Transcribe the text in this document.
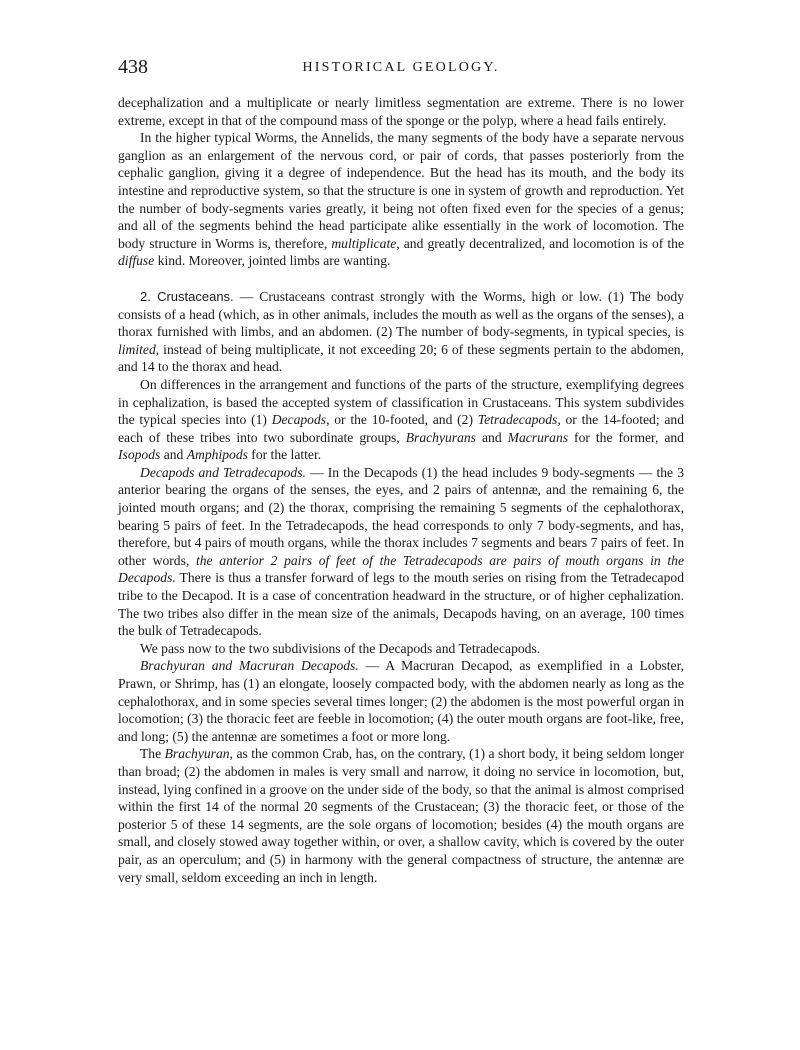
438	HISTORICAL GEOLOGY.

decephalization and a multiplicate or nearly limitless segmentation are extreme. There is no lower extreme, except in that of the compound mass of the sponge or the polyp, where a head fails entirely.

In the higher typical Worms, the Annelids, the many segments of the body have a separate nervous ganglion as an enlargement of the nervous cord, or pair of cords, that passes posteriorly from the cephalic ganglion, giving it a degree of independence. But the head has its mouth, and the body its intestine and reproductive system, so that the structure is one in system of growth and reproduction. Yet the number of body-segments varies greatly, it being not often fixed even for the species of a genus; and all of the segments behind the head participate alike essentially in the work of locomotion. The body structure in Worms is, therefore, multiplicate, and greatly decentralized, and locomotion is of the diffuse kind. Moreover, jointed limbs are wanting.

2. Crustaceans. — Crustaceans contrast strongly with the Worms, high or low. (1) The body consists of a head (which, as in other animals, includes the mouth as well as the organs of the senses), a thorax furnished with limbs, and an abdomen. (2) The number of body-segments, in typical species, is limited, instead of being multiplicate, it not exceeding 20; 6 of these segments pertain to the abdomen, and 14 to the thorax and head.

On differences in the arrangement and functions of the parts of the structure, exemplifying degrees in cephalization, is based the accepted system of classification in Crustaceans. This system subdivides the typical species into (1) Decapods, or the 10-footed, and (2) Tetradecapods, or the 14-footed; and each of these tribes into two subordinate groups, Brachyurans and Macrurans for the former, and Isopods and Amphipods for the latter.

Decapods and Tetradecapods. — In the Decapods (1) the head includes 9 body-segments — the 3 anterior bearing the organs of the senses, the eyes, and 2 pairs of antennæ, and the remaining 6, the jointed mouth organs; and (2) the thorax, comprising the remaining 5 segments of the cephalothorax, bearing 5 pairs of feet. In the Tetradecapods, the head corresponds to only 7 body-segments, and has, therefore, but 4 pairs of mouth organs, while the thorax includes 7 segments and bears 7 pairs of feet. In other words, the anterior 2 pairs of feet of the Tetradecapods are pairs of mouth organs in the Decapods. There is thus a transfer forward of legs to the mouth series on rising from the Tetradecapod tribe to the Decapod. It is a case of concentration headward in the structure, or of higher cephalization. The two tribes also differ in the mean size of the animals, Decapods having, on an average, 100 times the bulk of Tetradecapods.

We pass now to the two subdivisions of the Decapods and Tetradecapods.

Brachyuran and Macruran Decapods. — A Macruran Decapod, as exemplified in a Lobster, Prawn, or Shrimp, has (1) an elongate, loosely compacted body, with the abdomen nearly as long as the cephalothorax, and in some species several times longer; (2) the abdomen is the most powerful organ in locomotion; (3) the thoracic feet are feeble in locomotion; (4) the outer mouth organs are foot-like, free, and long; (5) the antennæ are sometimes a foot or more long.

The Brachyuran, as the common Crab, has, on the contrary, (1) a short body, it being seldom longer than broad; (2) the abdomen in males is very small and narrow, it doing no service in locomotion, but, instead, lying confined in a groove on the under side of the body, so that the animal is almost comprised within the first 14 of the normal 20 segments of the Crustacean; (3) the thoracic feet, or those of the posterior 5 of these 14 segments, are the sole organs of locomotion; besides (4) the mouth organs are small, and closely stowed away together within, or over, a shallow cavity, which is covered by the outer pair, as an operculum; and (5) in harmony with the general compactness of structure, the antennæ are very small, seldom exceeding an inch in length.
